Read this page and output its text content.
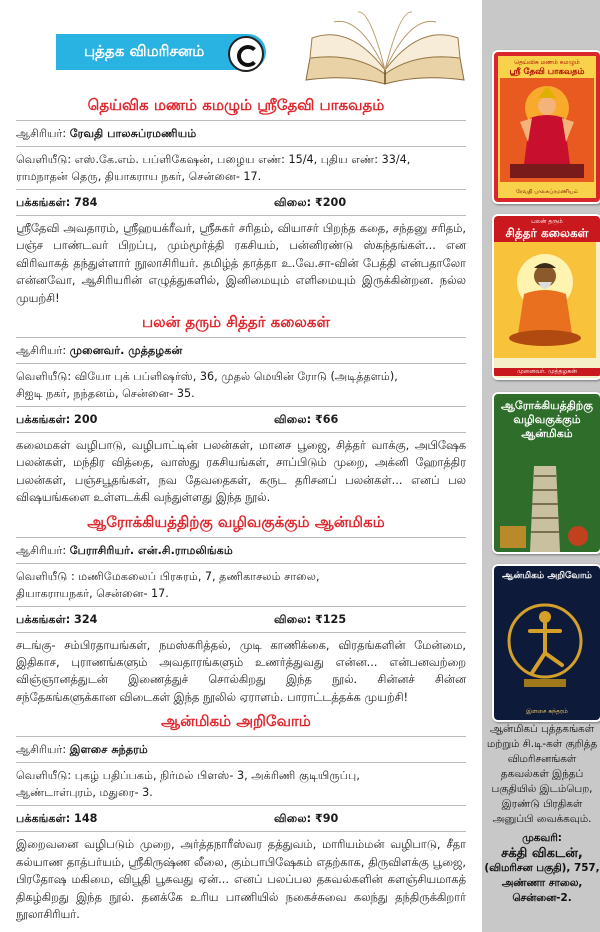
புத்தக விமரிசனம்
தெய்விக மணம் கமழும் ஸ்ரீதேவி பாகவதம்
ஆசிரியர்: ரேவதி பாலசுப்ரமணியம்
வெளியீடு: எஸ்.கே.எம். பப்ளிகேஷன், பழைய எண்: 15/4, புதிய எண்: 33/4,
ராமநாதன் தெரு, தியாகராய நகர், சென்னை- 17.
பக்கங்கள்: 784	விலை: ₹200

ஸ்ரீதேவி அவதாரம், ஸ்ரீஹயக்ரீவர், ஸ்ரீசுகர் சரிதம், வியாசர் பிறந்த கதை, சந்தனு சரிதம், பஞ்ச பாண்டவர் பிறப்பு, மும்மூர்த்தி ரகசியம், பன்னிரண்டு ஸ்கந்தங்கள்... என விரிவாகத் தந்துள்ளார் நூலாசிரியர். தமிழ்த் தாத்தா உ.வே.சா-வின் பேத்தி என்பதாலோ என்னவோ, ஆசிரியரின் எழுத்துகளில், இனிமையும் எளிமையும் இருக்கின்றன. நல்ல முயற்சி!

பலன் தரும் சித்தர் கலைகள்
ஆசிரியர்: முனைவர். முத்தழகன்
வெளியீடு: வியோ புக் பப்ளிஷர்ஸ், 36, முதல் மெயின் ரோடு (அடித்தளம்),
சிஐடி நகர், நந்தனம், சென்னை- 35.
பக்கங்கள்: 200	விலை: ₹66

கலைமகள் வழிபாடு, வழிபாட்டின் பலன்கள், மானச பூஜை, சித்தர் வாக்கு, அபிஷேக பலன்கள், மந்திர வித்தை, வாஸ்து ரகசியங்கள், சாப்பிடும் முறை, அக்னி ஹோத்திர பலன்கள், பஞ்சபூதங்கள், நவ தேவதைகள், கருட தரிசனப் பலன்கள்... எனப் பல விஷயங்களை உள்ளடக்கி வந்துள்ளது இந்த நூல்.

ஆரோக்கியத்திற்கு வழிவகுக்கும் ஆன்மிகம்
ஆசிரியர்: பேராசிரியர். என்.சி.ராமலிங்கம்
வெளியீடு : மணிமேகலைப் பிரசுரம், 7, தணிகாசலம் சாலை,
தியாகராயநகர், சென்னை- 17.
பக்கங்கள்: 324	விலை: ₹125

சடங்கு- சம்பிரதாயங்கள், நமஸ்கரித்தல், முடி காணிக்கை, விரதங்களின் மேன்மை, இதிகாச, புராணங்களும் அவதாரங்களும் உணர்த்துவது என்ன... என்பனவற்றை விஞ்ஞானத்துடன் இணைத்துச் சொல்கிறது இந்த நூல். சின்னச் சின்ன சந்தேகங்களுக்கான விடைகள் இந்த நூலில் ஏராளம். பாராட்டத்தக்க முயற்சி!

ஆன்மிகம் அறிவோம்
ஆசிரியர்: இளசை சுந்தரம்
வெளியீடு: புகழ் பதிப்பகம், நிர்மல் பிளஸ்- 3, அக்ரிணி குடியிருப்பு,
ஆண்டாள்புரம், மதுரை- 3.
பக்கங்கள்: 148	விலை: ₹90

இறைவனை வழிபடும் முறை, அர்த்தநாரீஸ்வர தத்துவம், மாரியம்மன் வழிபாடு, சீதா கல்யாண தாத்பர்யம், ஸ்ரீகிருஷ்ண லீலை, கும்பாபிஷேகம் எதற்காக, திருவிளக்கு பூஜை, பிரதோஷ மகிமை, விபூதி பூசுவது ஏன்... எனப் பலப்பல தகவல்களின் களஞ்சியமாகத் திகழ்கிறது இந்த நூல். தனக்கே உரிய பாணியில் நகைச்சுவை கலந்து தந்திருக்கிறார் நூலாசிரியர்.

தெய்விக மணம் கமழும்
ஸ்ரீ தேவி பாகவதம்
ரேவதி பாலசுப்ரமணியம்
பலன் தரும்
சித்தர் கலைகள்
முனைவர். முத்தழகன்
ஆரோக்கியத்திற்கு வழிவகுக்கும் ஆன்மிகம்
ஆன்மிகம் அறிவோம்
இளசை சுந்தரம்
ஆன்மிகப் புத்தகங்கள் மற்றும் சி.டி-கள் குறித்த விமரிசனங்கள் தகவல்கள் இந்தப் பகுதியில் இடம்பெற, இரண்டு பிரதிகள் அனுப்பி வைக்கவும்.
முகவரி:
சக்தி விகடன்,
(விமரிசன பகுதி), 757,
அண்ணா சாலை,
சென்னை-2.
